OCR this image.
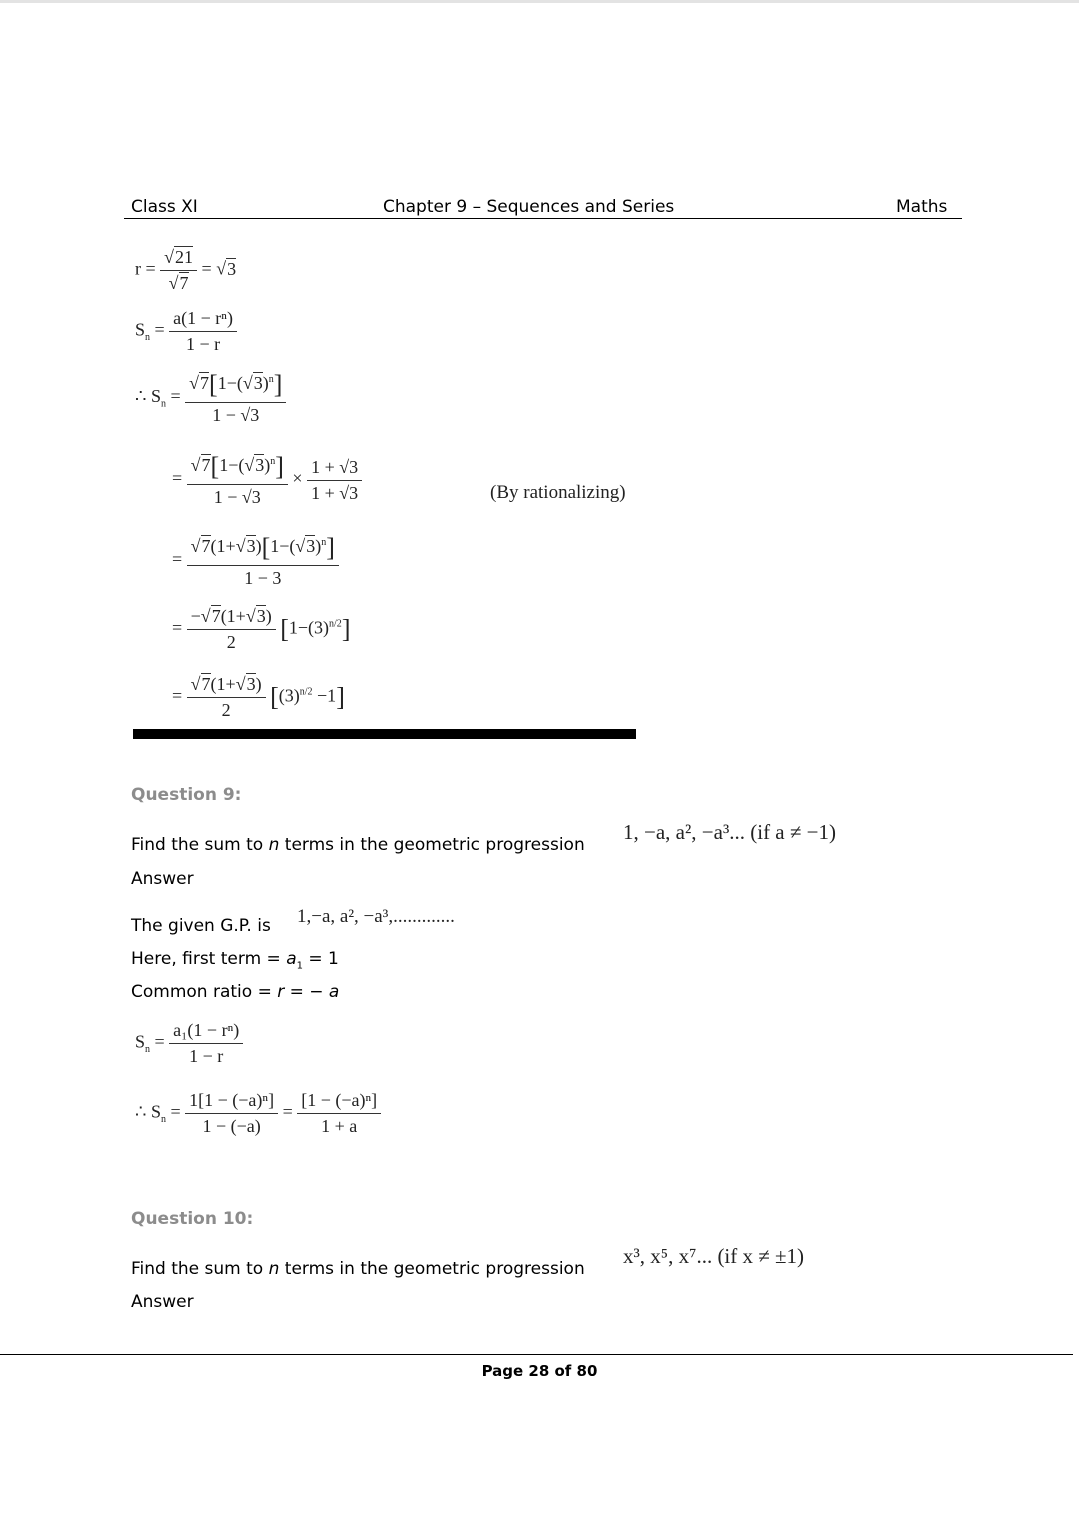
Class XI	Chapter 9 – Sequences and Series	Maths
$r = \frac{√21}{√7} = √3$
$S_n = \frac{\text{a(1 − rⁿ)}}{1 - r}$
∴ $S_n = \frac{√7[1-(√3)^n]}{1 - √3}$
= $\frac{√7[1-(√3)^n]}{1 - √3} \times \frac{1 + √3}{1 + √3}$	(By rationalizing)
= $\frac{√7(1+√3)[1-(√3)^n]}{1 - 3}$
= $\frac{-√7(1+√3)}{2} [1-(3)^{n/2}]$
= $\frac{√7(1+√3)}{2} [(3)^{n/2} -1]$
Question 9:
Find the sum to n terms in the geometric progression
1, −a, a², −a³... (if a ≠ −1)
Answer
The given G.P. is 1,−a, a², −a³,.............
Here, first term = $a_1 = 1$
Common ratio = r = − a
$S_n = \frac{\text{a₁(1 − rⁿ)}}{1 - r}$
∴ $S_n = \frac{\text{1[1 − (−a)ⁿ]}}{1 - (-a)} = \frac{\text{[1 − (−a)ⁿ]}}{1 + a}$
Question 10:
Find the sum to n terms in the geometric progression
x³, x⁵, x⁷... (if x ≠ ±1)
Answer
Page 28 of 80
